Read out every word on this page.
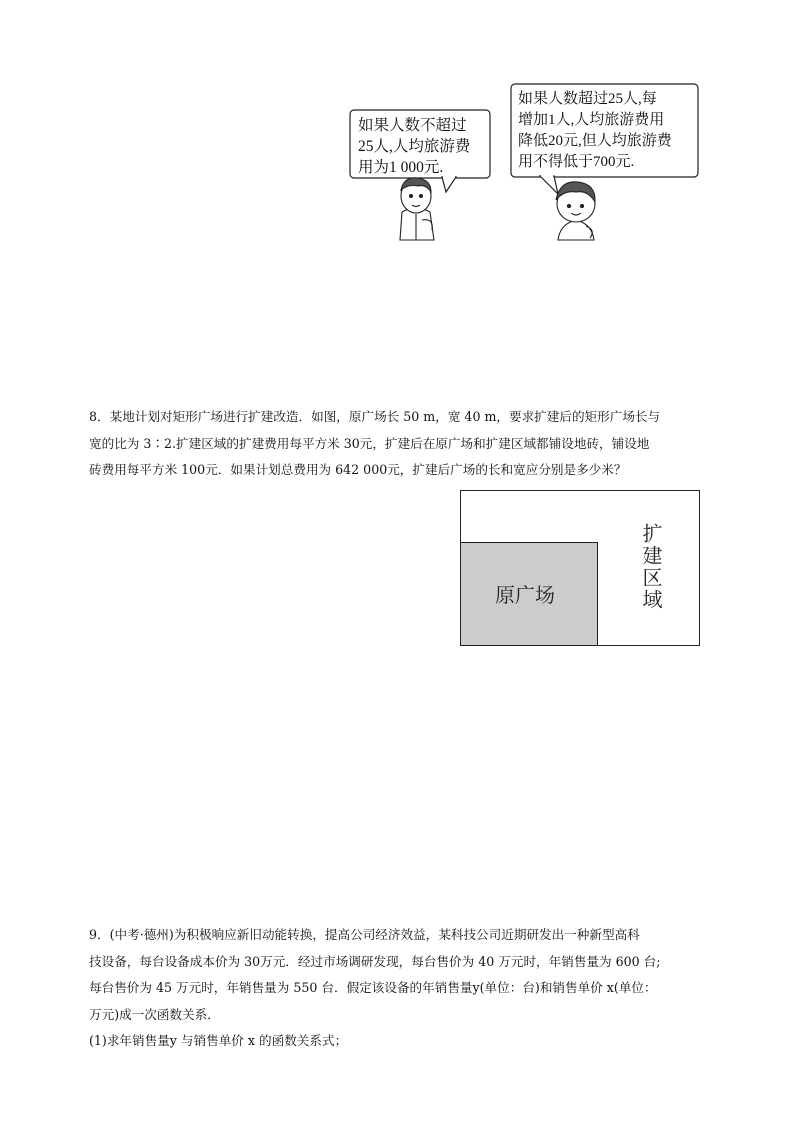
如果人数不超过
25人,人均旅游费
用为1 000元.
如果人数超过25人,每
增加1人,人均旅游费用
降低20元,但人均旅游费
用不得低于700元.
8．某地计划对矩形广场进行扩建改造．如图，原广场长 50 m，宽 40 m，要求扩建后的矩形广场长与
宽的比为 3∶2.扩建区域的扩建费用每平方米 30元，扩建后在原广场和扩建区域都铺设地砖，铺设地
砖费用每平方米 100元．如果计划总费用为 642 000元，扩建后广场的长和宽应分别是多少米？
原广场	扩建区域
9．(中考·德州)为积极响应新旧动能转换，提高公司经济效益，某科技公司近期研发出一种新型高科
技设备，每台设备成本价为 30万元．经过市场调研发现，每台售价为 40 万元时，年销售量为 600 台;
每台售价为 45 万元时，年销售量为 550 台．假定该设备的年销售量y(单位：台)和销售单价 x(单位：
万元)成一次函数关系．
(1)求年销售量y 与销售单价 x 的函数关系式；
